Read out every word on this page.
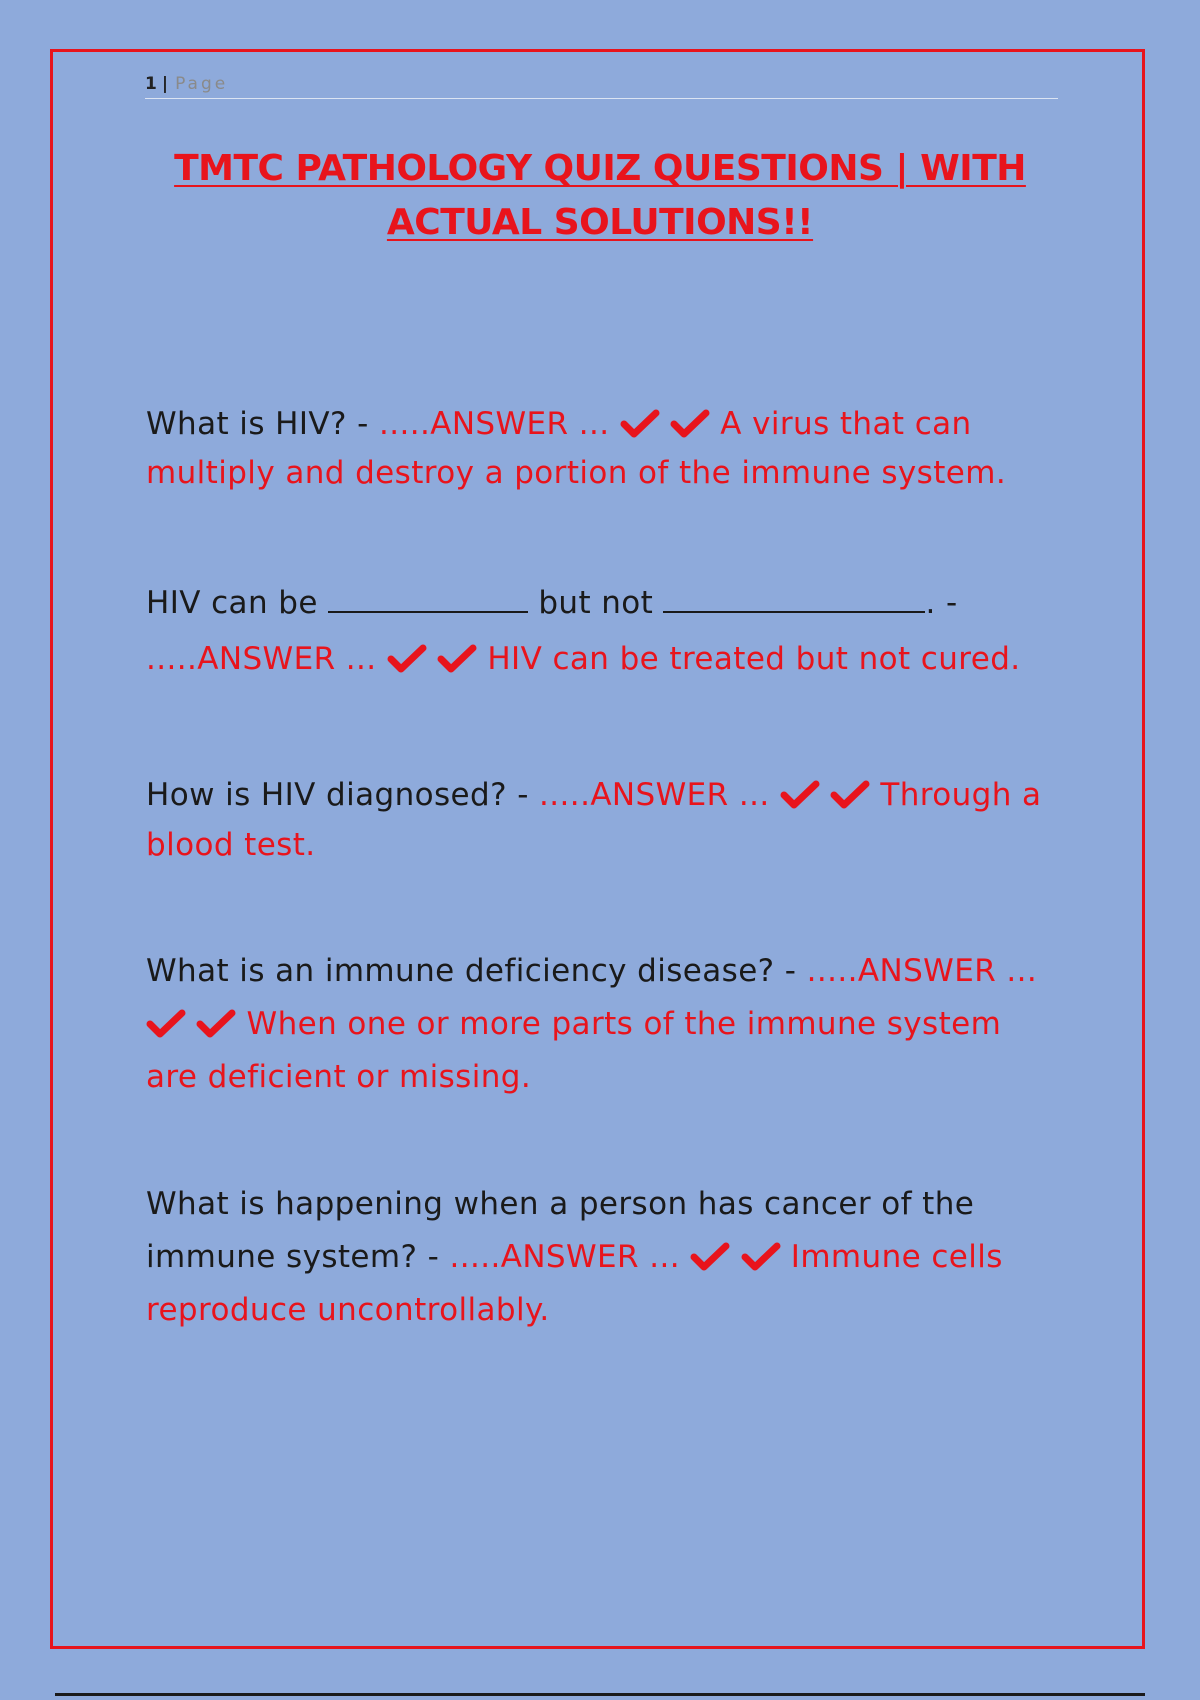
1 | Page
TMTC PATHOLOGY QUIZ QUESTIONS | WITH
ACTUAL SOLUTIONS!!
What is HIV? - .....ANSWER ...
	A virus that can multiply and destroy a portion of the immune system.
HIV can be	but not	. - .....ANSWER ...
	HIV can be treated but not cured.
How is HIV diagnosed? - .....ANSWER ...
	Through a blood test.
What is an immune deficiency disease? - .....ANSWER ...

When one or more parts of the immune system are deficient or missing.
What is happening when a person has cancer of the immune system? - .....ANSWER ...
	Immune cells reproduce uncontrollably.
